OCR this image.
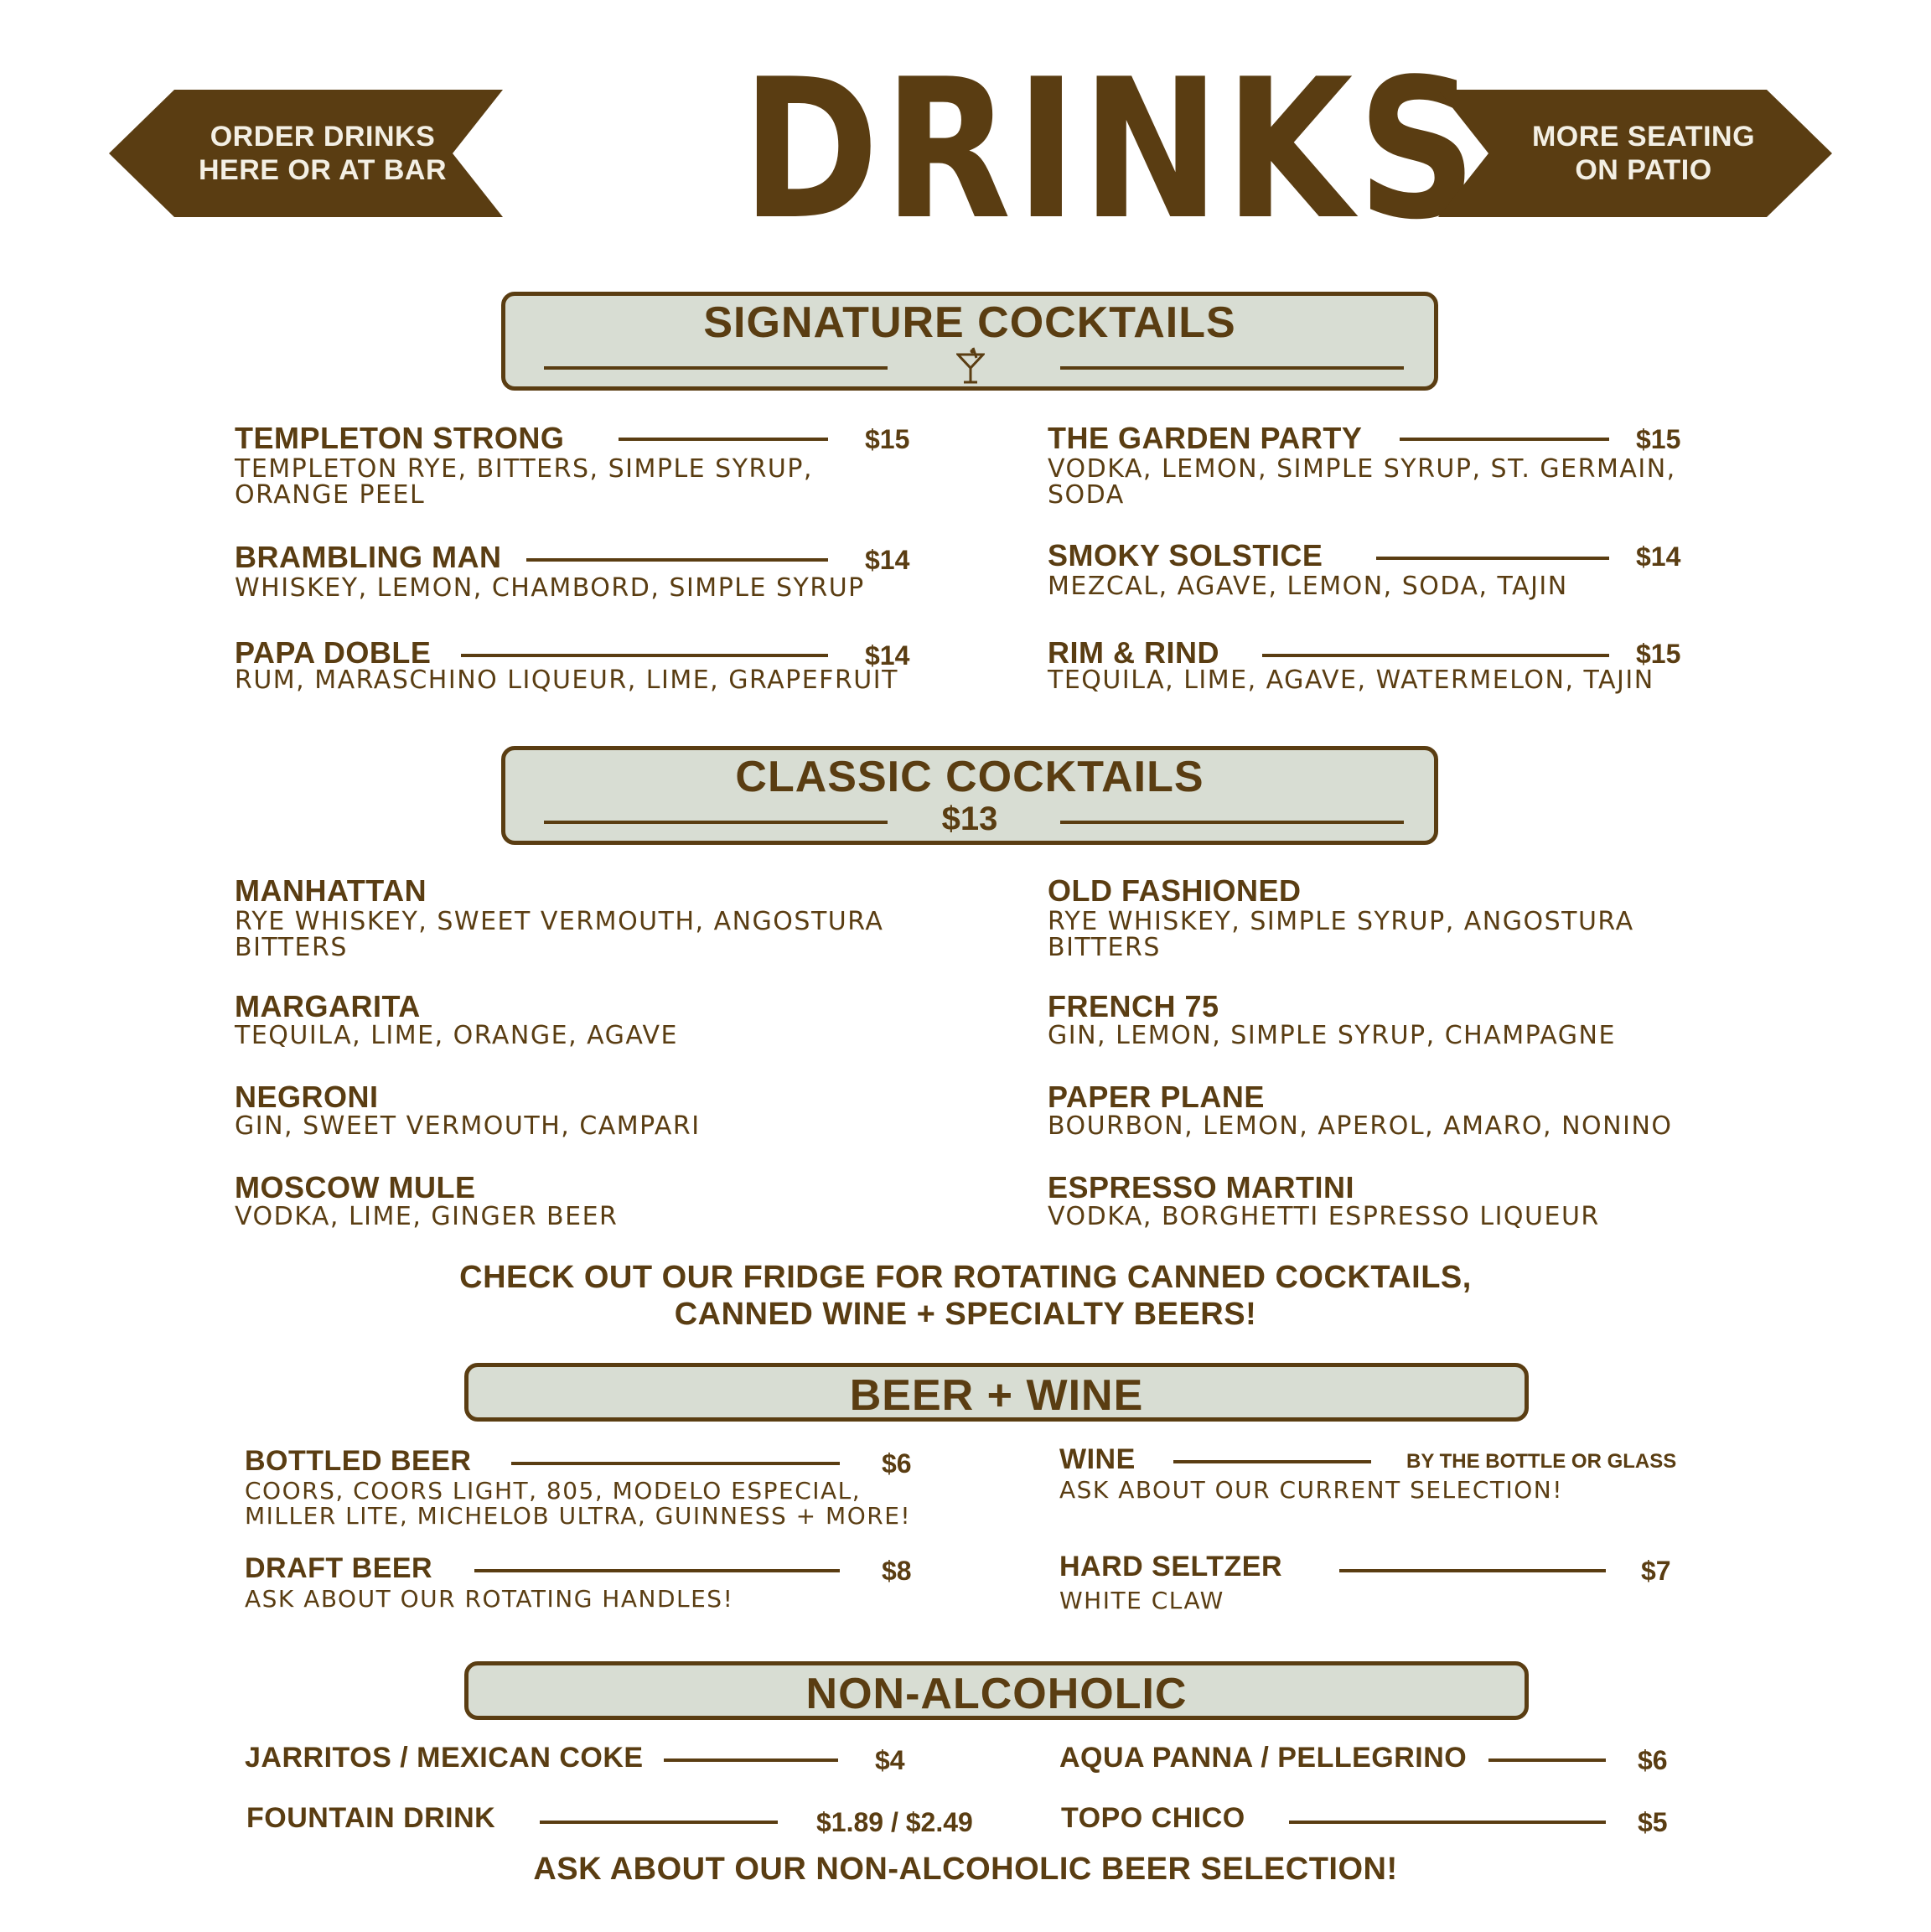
ORDER DRINKS
HERE OR AT BAR DRINKS	MORE SEATING
ON PATIO
SIGNATURE COCKTAILS
TEMPLETON STRONG	$15
TEMPLETON RYE, BITTERS, SIMPLE SYRUP,
ORANGE PEEL
THE GARDEN PARTY	$15
VODKA, LEMON, SIMPLE SYRUP, ST. GERMAIN,
SODA
BRAMBLING MAN	$14
WHISKEY, LEMON, CHAMBORD, SIMPLE SYRUP
SMOKY SOLSTICE	$14
MEZCAL, AGAVE, LEMON, SODA, TAJIN
PAPA DOBLE	$14
RUM, MARASCHINO LIQUEUR, LIME, GRAPEFRUIT
RIM & RIND	$15
TEQUILA, LIME, AGAVE, WATERMELON, TAJIN
CLASSIC COCKTAILS
$13
MANHATTAN
RYE WHISKEY, SWEET VERMOUTH, ANGOSTURA
BITTERS
OLD FASHIONED
RYE WHISKEY, SIMPLE SYRUP, ANGOSTURA
BITTERS
MARGARITA
TEQUILA, LIME, ORANGE, AGAVE
FRENCH 75
GIN, LEMON, SIMPLE SYRUP, CHAMPAGNE
NEGRONI
GIN, SWEET VERMOUTH, CAMPARI
PAPER PLANE
BOURBON, LEMON, APEROL, AMARO, NONINO
MOSCOW MULE
VODKA, LIME, GINGER BEER
ESPRESSO MARTINI
VODKA, BORGHETTI ESPRESSO LIQUEUR
CHECK OUT OUR FRIDGE FOR ROTATING CANNED COCKTAILS,
CANNED WINE + SPECIALTY BEERS!
BEER + WINE
BOTTLED BEER	$6
COORS, COORS LIGHT, 805, MODELO ESPECIAL,
MILLER LITE, MICHELOB ULTRA, GUINNESS + MORE!
WINE	BY THE BOTTLE OR GLASS
ASK ABOUT OUR CURRENT SELECTION!
DRAFT BEER	$8
ASK ABOUT OUR ROTATING HANDLES!
HARD SELTZER	$7
WHITE CLAW
NON-ALCOHOLIC
JARRITOS / MEXICAN COKE	$4	AQUA PANNA / PELLEGRINO	$6
FOUNTAIN DRINK	$1.89 / $2.49	TOPO CHICO	$5
ASK ABOUT OUR NON-ALCOHOLIC BEER SELECTION!
